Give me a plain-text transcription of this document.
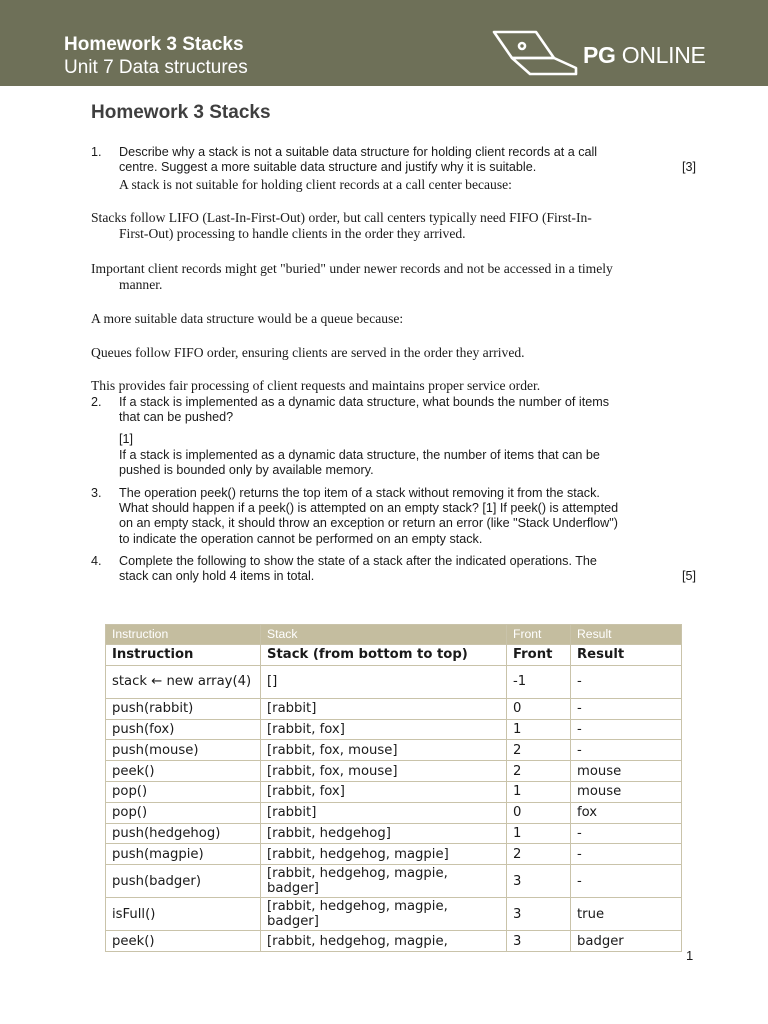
Homework 3 Stacks
Unit 7 Data structures	PG ONLINE
Homework 3 Stacks
1. Describe why a stack is not a suitable data structure for holding client records at a call
centre. Suggest a more suitable data structure and justify why it is suitable.	[3]
A stack is not suitable for holding client records at a call center because:
Stacks follow LIFO (Last-In-First-Out) order, but call centers typically need FIFO (First-In-
First-Out) processing to handle clients in the order they arrived.
Important client records might get "buried" under newer records and not be accessed in a timely
manner.
A more suitable data structure would be a queue because:
Queues follow FIFO order, ensuring clients are served in the order they arrived.
This provides fair processing of client requests and maintains proper service order.
2. If a stack is implemented as a dynamic data structure, what bounds the number of items
that can be pushed?
[1]
If a stack is implemented as a dynamic data structure, the number of items that can be
pushed is bounded only by available memory.
3. The operation peek() returns the top item of a stack without removing it from the stack.
What should happen if a peek() is attempted on an empty stack? [1] If peek() is attempted
on an empty stack, it should throw an exception or return an error (like "Stack Underflow")
to indicate the operation cannot be performed on an empty stack.
4. Complete the following to show the state of a stack after the indicated operations. The
stack can only hold 4 items in total.	[5]
Instruction	Stack	Front	Result
Instruction	Stack (from bottom to top)	Front	Result
stack ← new array(4)	[]	-1	-
push(rabbit)	[rabbit]	0	-
push(fox)	[rabbit, fox]	1	-
push(mouse)	[rabbit, fox, mouse]	2	-
peek()	[rabbit, fox, mouse]	2	mouse
pop()	[rabbit, fox]	1	mouse
pop()	[rabbit]	0	fox
push(hedgehog)	[rabbit, hedgehog]	1	-
push(magpie)	[rabbit, hedgehog, magpie]	2	-
push(badger)	[rabbit, hedgehog, magpie, badger]	3	-
isFull()	[rabbit, hedgehog, magpie, badger]	3	true
peek()	[rabbit, hedgehog, magpie,	3	badger
1
